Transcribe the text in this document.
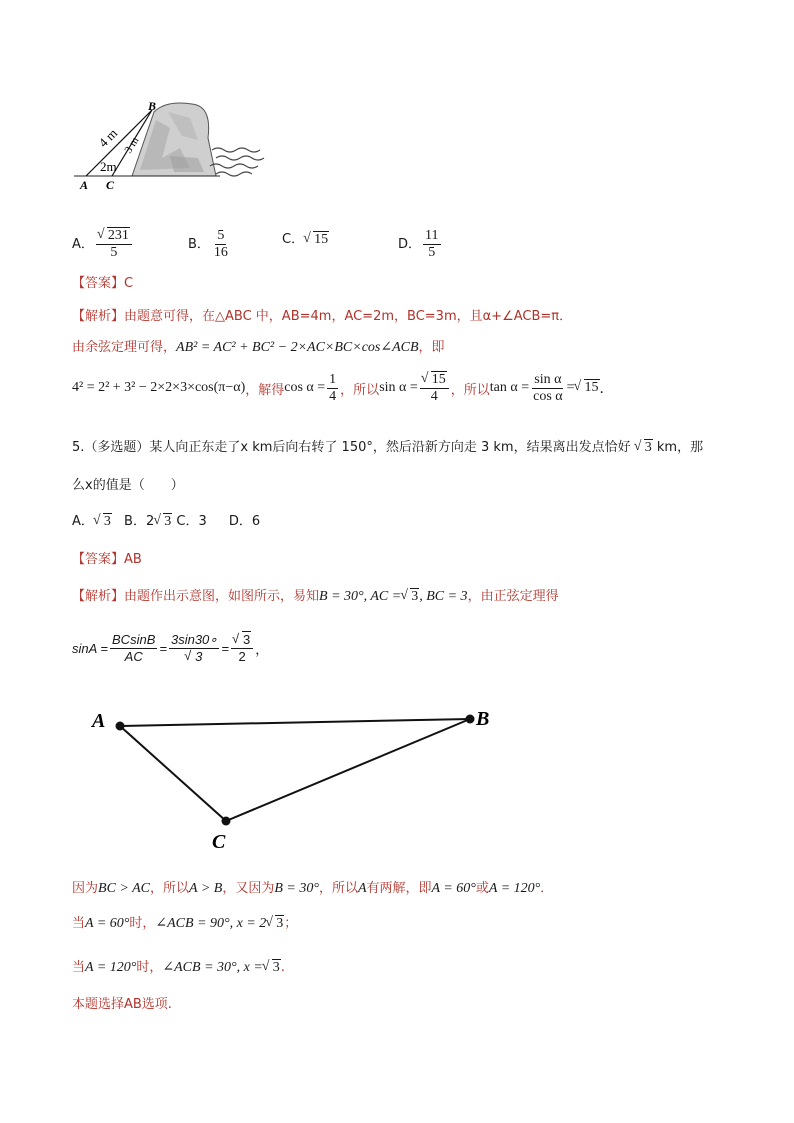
B
A C
4 m 3 m
2m
A． √ $\frac{231}{5}$	B． $\frac{5}{16}$	C． √ 15	D． $\frac{11}{5}$
【答案】C
【解析】由题意可得，在△ABC 中，AB=4m，AC=2m，BC=3m，且α+∠ACB=π．
由余弦定理可得，AB² = AC² + BC² − 2×AC×BC×cos∠ACB，即
4² = 2² + 3² − 2×2×3×cos(π−α) ，解得 $\cos \alpha = \frac{1}{4}$ ，所以 sin α = √ $\frac{15}{4}$ ，所以 $\tan \alpha = \frac{\text{sin α}}{\text{cos α}}$ = √ 15 ．
5.（多选题）某人向正东走了x km后向右转了 150°，然后沿新方向走 3 km，结果离出发点恰好 √ 3 km，那
么x的值是（　　）
A． √ 3 B．2 √ 3 C．3 D．6
【答案】AB
【解析】由题作出示意图，如图所示，易知B = 30°, AC = √ 3, BC = 3，由正弦定理得
$\sin A = \frac{BCsinB}{AC}$ = 3sin30∘
√ 3 = √ $\frac{3}{2}$ ，
A	B
C
因为BC > AC，所以A > B，又因为B = 30°，所以A有两解，即A = 60°或A = 120°．
当A = 60°时，∠ACB = 90°, x = 2 √ 3；
当A = 120°时，∠ACB = 30°, x = √ 3.
本题选择AB选项.
